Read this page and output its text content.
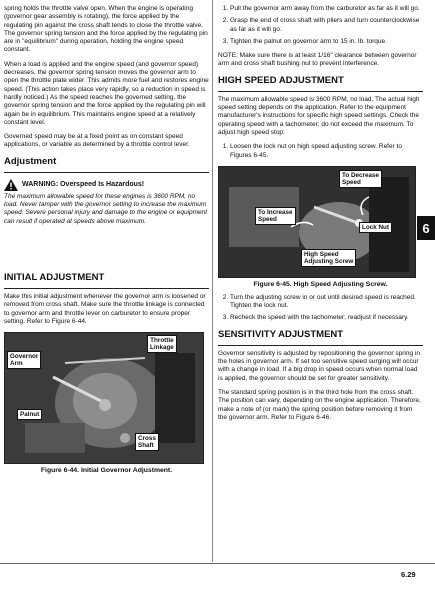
spring holds the throttle valve open. When the engine is operating (governor gear assembly is rotating), the force applied by the regulating pin against the cross shaft tends to close the throttle valve. The governor spring tension and the force applied by the regulating pin are in "equilibrium" during operation, holding the engine speed constant.

When a load is applied and the engine speed (and governor speed) decreases, the governor spring tension moves the governor arm to open the throttle plate wider. This admits more fuel and restores engine speed. (This action takes place very rapidly, so a reduction in speed is hardly noticed.) As the speed reaches the governed setting, the governor spring tension and the force applied by the regulating pin will again be in equilibrium. This maintains engine speed at a relatively constant level.

Governed speed may be at a fixed point as on constant speed applications, or variable as determined by a throttle control lever.

Adjustment
WARNING: Overspeed Is Hazardous!

The maximum allowable speed for these engines is 3600 RPM, no load. Never tamper with the governor setting to increase the maximum speed. Severe personal injury and damage to the engine or equipment can result if operated at speeds above maximum.

INITIAL ADJUSTMENT

Make this initial adjustment whenever the governor arm is loosened or removed from cross shaft. Make sure the throttle linkage is connected to governor arm and throttle lever on carburetor to ensure proper setting. Refer to Figure 6-44.

Throttle
Linkage
Governor
Arm
Palnut
Cross
Shaft
Figure 6-44. Initial Governor Adjustment.
1. Pull the governor arm away from the carburetor as far as it will go.
2. Grasp the end of cross shaft with pliers and turn counterclockwise as far as it will go.
3. Tighten the palnut on governor arm to 15 in. lb. torque.

NOTE: Make sure there is at least 1/16" clearance between governor arm and cross shaft bushing nut to prevent interference.

HIGH SPEED ADJUSTMENT

The maximum allowable speed is 3600 RPM, no load. The actual high speed setting depends on the application. Refer to the equipment manufacturer's instructions for specific high speed settings. Check the operating speed with a tachometer; do not exceed the maximum. To adjust high speed stop:

1. Loosen the lock nut on high speed adjusting screw. Refer to Figures 6-45.
To Decrease
Speed
To Increase
Speed
Lock Nut
High Speed
Adjusting Screw
Figure 6-45. High Speed Adjusting Screw.
2. Turn the adjusting screw in or out until desired speed is reached. Tighten the lock nut.
3. Recheck the speed with the tachometer; readjust if necessary.
SENSITIVITY ADJUSTMENT

Governor sensitivity is adjusted by repositioning the governor spring in the holes in governor arm. If set too sensitive speed surging will occur with a change in load. If a big drop in speed occurs when normal load is applied, the governor should be set for greater sensitivity.

The standard spring position is in the third hole from the cross shaft. The position can vary, depending on the engine application. Therefore, make a note of (or mark) the spring position before removing it from the governor arm. Refer to Figure 6-46.

6
6.29
